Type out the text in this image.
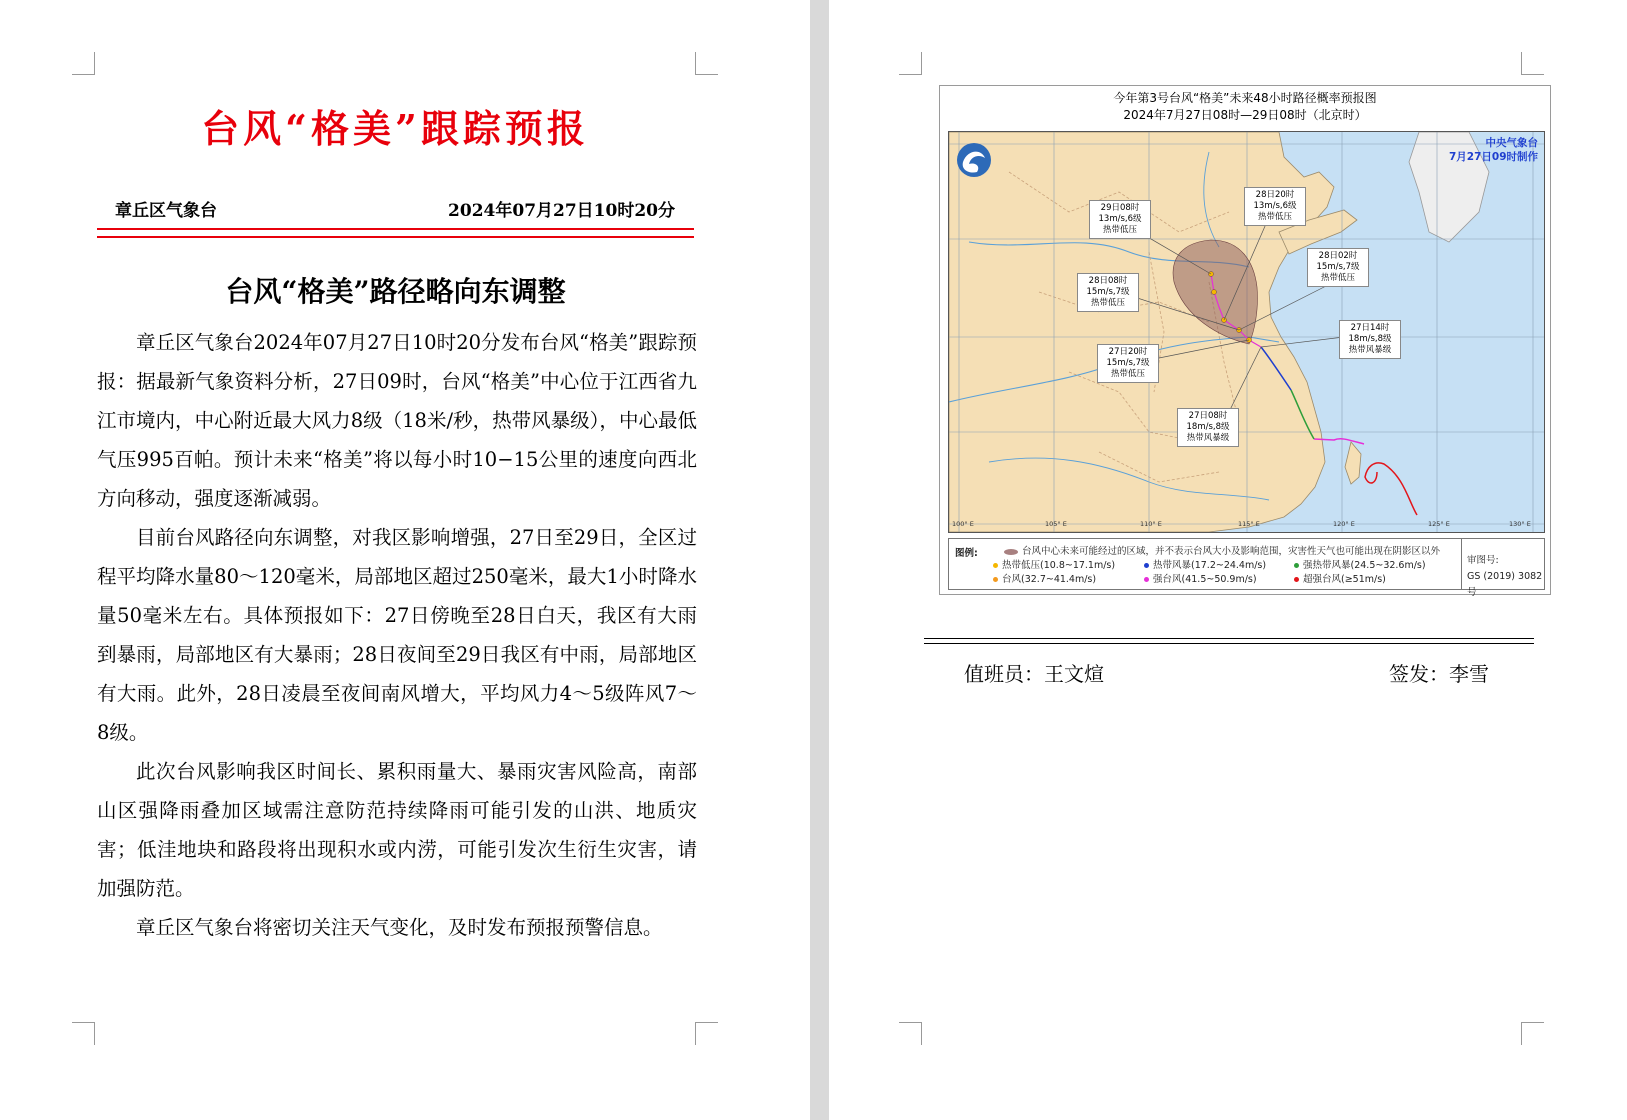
台风“格美”跟踪预报
章丘区气象台	2024年07月27日10时20分
台风“格美”路径略向东调整

章丘区气象台2024年07月27日10时20分发布台风“格美”跟踪预报：据最新气象资料分析，27日09时，台风“格美”中心位于江西省九江市境内，中心附近最大风力8级（18米/秒，热带风暴级），中心最低气压995百帕。预计未来“格美”将以每小时10−15公里的速度向西北方向移动，强度逐渐减弱。

目前台风路径向东调整，对我区影响增强，27日至29日，全区过程平均降水量80～120毫米，局部地区超过250毫米，最大1小时降水量50毫米左右。具体预报如下：27日傍晚至28日白天，我区有大雨到暴雨，局部地区有大暴雨；28日夜间至29日我区有中雨，局部地区有大雨。此外，28日凌晨至夜间南风增大，平均风力4～5级阵风7～8级。

此次台风影响我区时间长、累积雨量大、暴雨灾害风险高，南部山区强降雨叠加区域需注意防范持续降雨可能引发的山洪、地质灾害；低洼地块和路段将出现积水或内涝，可能引发次生衍生灾害，请加强防范。

章丘区气象台将密切关注天气变化，及时发布预报预警信息。

今年第3号台风“格美”未来48小时路径概率预报图
2024年7月27日08时—29日08时（北京时）
29日08时
13m/s,6级
热带低压
28日20时
13m/s,6级
热带低压
28日02时
15m/s,7级
热带低压
28日08时
15m/s,7级
热带低压
27日14时
18m/s,8级
热带风暴级
27日20时
15m/s,7级
热带低压
27日08时
18m/s,8级
热带风暴级
中央气象台
7月27日09时制作
100° E	105° E	110° E	115° E	120° E	125° E	130° E
图例:	台风中心未来可能经过的区域，并不表示台风大小及影响范围，灾害性天气也可能出现在阴影区以外
热带低压(10.8~17.1m/s)	热带风暴(17.2~24.4m/s)	强热带风暴(24.5~32.6m/s)
台风(32.7~41.4m/s)	强台风(41.5~50.9m/s)	超强台风(≥51m/s)
审图号:
GS (2019) 3082号
值班员：王文煊	签发：李雪
